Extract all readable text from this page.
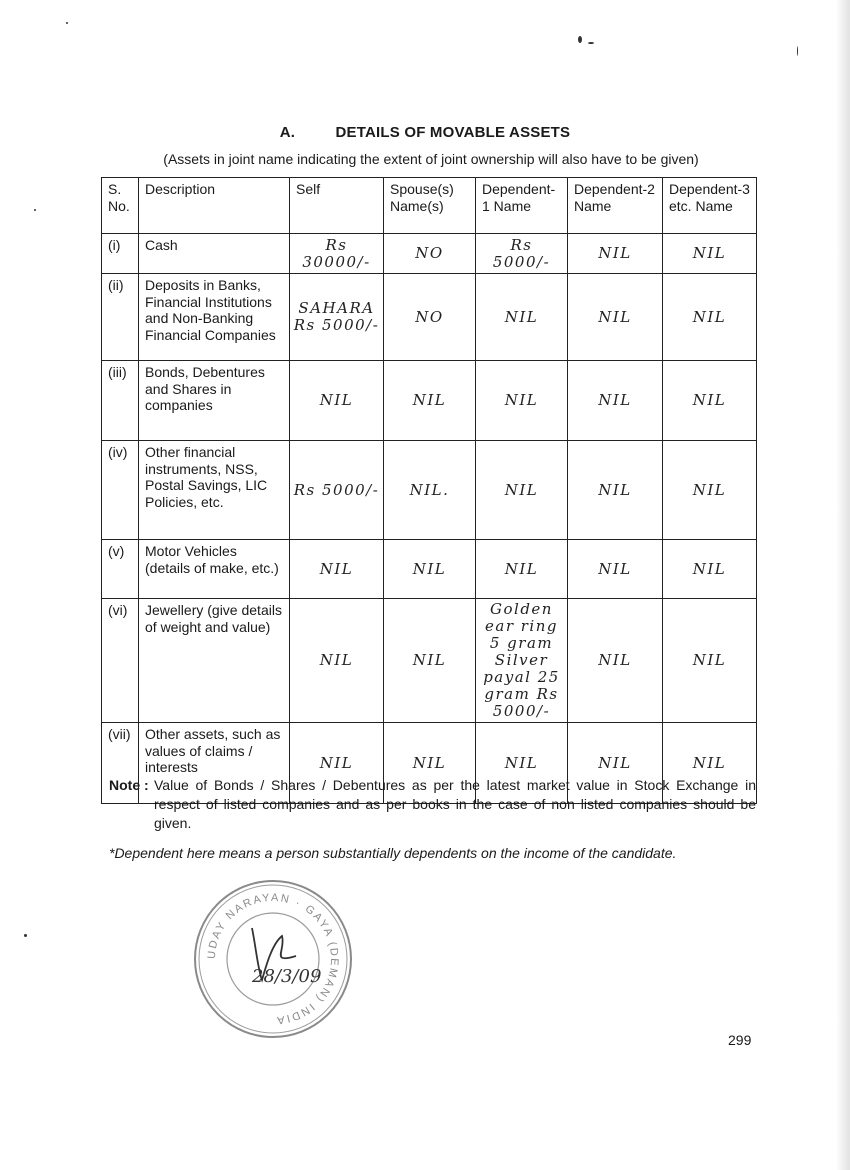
A.	DETAILS OF MOVABLE ASSETS
(Assets in joint name indicating the extent of joint ownership will also have to be given)
S. No.	Description	Self	Spouse(s) Name(s)	Dependent-1 Name	Dependent-2 Name	Dependent-3 etc. Name
(i)	Cash	Rs 30000/-	NO	Rs 5000/-	NIL	NIL
(ii)	Deposits in Banks, Financial Institutions and Non-Banking Financial Companies	SAHARA Rs 5000/-	NO	NIL	NIL	NIL
(iii)	Bonds, Debentures and Shares in companies	NIL	NIL	NIL	NIL	NIL
(iv)	Other financial instruments, NSS, Postal Savings, LIC Policies, etc.	Rs 5000/-	NIL.	NIL	NIL	NIL
(v)	Motor Vehicles (details of make, etc.)	NIL	NIL	NIL	NIL	NIL
(vi)	Jewellery (give details of weight and value)	NIL	NIL	Golden ear ring 5 gram Silver payal 25 gram Rs 5000/-	NIL	NIL
(vii)	Other assets, such as values of claims / interests	NIL	NIL	NIL	NIL	NIL
Note : Value of Bonds / Shares / Debentures as per the latest market value in Stock Exchange in respect of listed companies and as per books in the case of non listed companies should be given.
*Dependent here means a person substantially dependents on the income of the candidate.
UDAY NARAYAN · GAYA (DEMAN) INDIA
28/3/09
299
